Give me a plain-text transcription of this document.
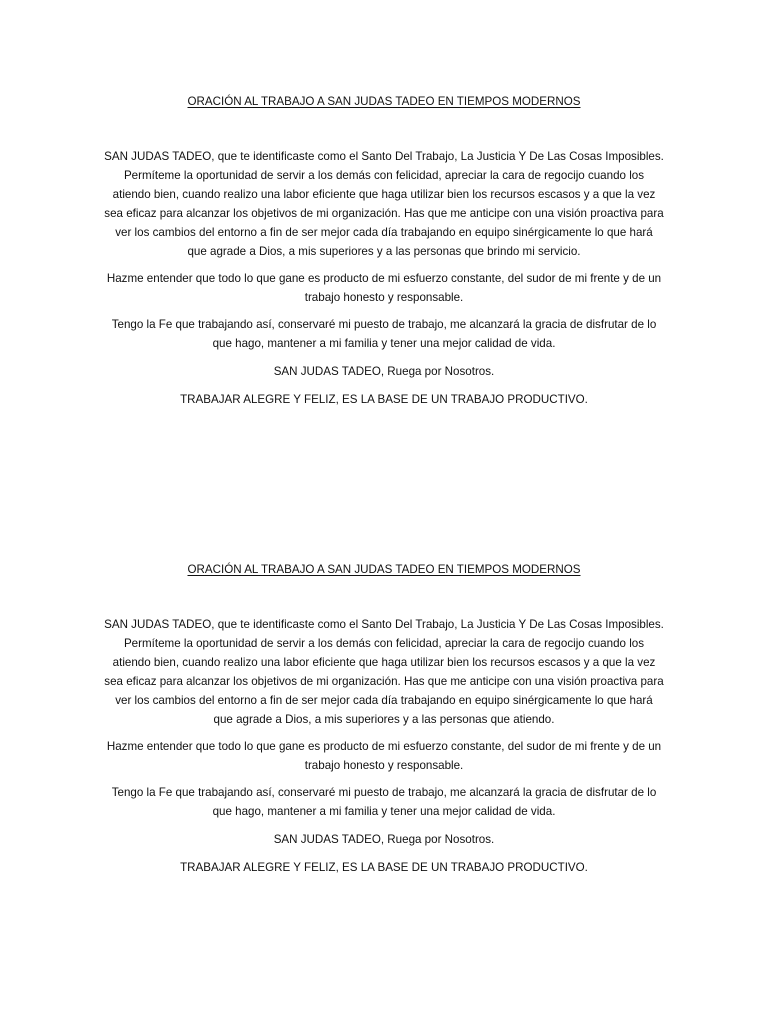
ORACIÓN AL TRABAJO A SAN JUDAS TADEO EN TIEMPOS MODERNOS

SAN JUDAS TADEO, que te identificaste como el Santo Del Trabajo, La Justicia Y De Las Cosas Imposibles. Permíteme la oportunidad de servir a los demás con felicidad, apreciar la cara de regocijo cuando los atiendo bien, cuando realizo una labor eficiente que haga utilizar bien los recursos escasos y a que la vez sea eficaz para alcanzar los objetivos de mi organización. Has que me anticipe con una visión proactiva para ver los cambios del entorno a fin de ser mejor cada día trabajando en equipo sinérgicamente lo que hará que agrade a Dios, a mis superiores y a las personas que brindo mi servicio.

Hazme entender que todo lo que gane es producto de mi esfuerzo constante, del sudor de mi frente y de un trabajo honesto y responsable.

Tengo la Fe que trabajando así, conservaré mi puesto de trabajo, me alcanzará la gracia de disfrutar de lo que hago, mantener a mi familia y tener una mejor calidad de vida.

SAN JUDAS TADEO, Ruega por Nosotros.

TRABAJAR ALEGRE Y FELIZ, ES LA BASE DE UN TRABAJO PRODUCTIVO.

ORACIÓN AL TRABAJO A SAN JUDAS TADEO EN TIEMPOS MODERNOS

SAN JUDAS TADEO, que te identificaste como el Santo Del Trabajo, La Justicia Y De Las Cosas Imposibles. Permíteme la oportunidad de servir a los demás con felicidad, apreciar la cara de regocijo cuando los atiendo bien, cuando realizo una labor eficiente que haga utilizar bien los recursos escasos y a que la vez sea eficaz para alcanzar los objetivos de mi organización. Has que me anticipe con una visión proactiva para ver los cambios del entorno a fin de ser mejor cada día trabajando en equipo sinérgicamente lo que hará que agrade a Dios, a mis superiores y a las personas que atiendo.

Hazme entender que todo lo que gane es producto de mi esfuerzo constante, del sudor de mi frente y de un trabajo honesto y responsable.

Tengo la Fe que trabajando así, conservaré mi puesto de trabajo, me alcanzará la gracia de disfrutar de lo que hago, mantener a mi familia y tener una mejor calidad de vida.

SAN JUDAS TADEO, Ruega por Nosotros.

TRABAJAR ALEGRE Y FELIZ, ES LA BASE DE UN TRABAJO PRODUCTIVO.
